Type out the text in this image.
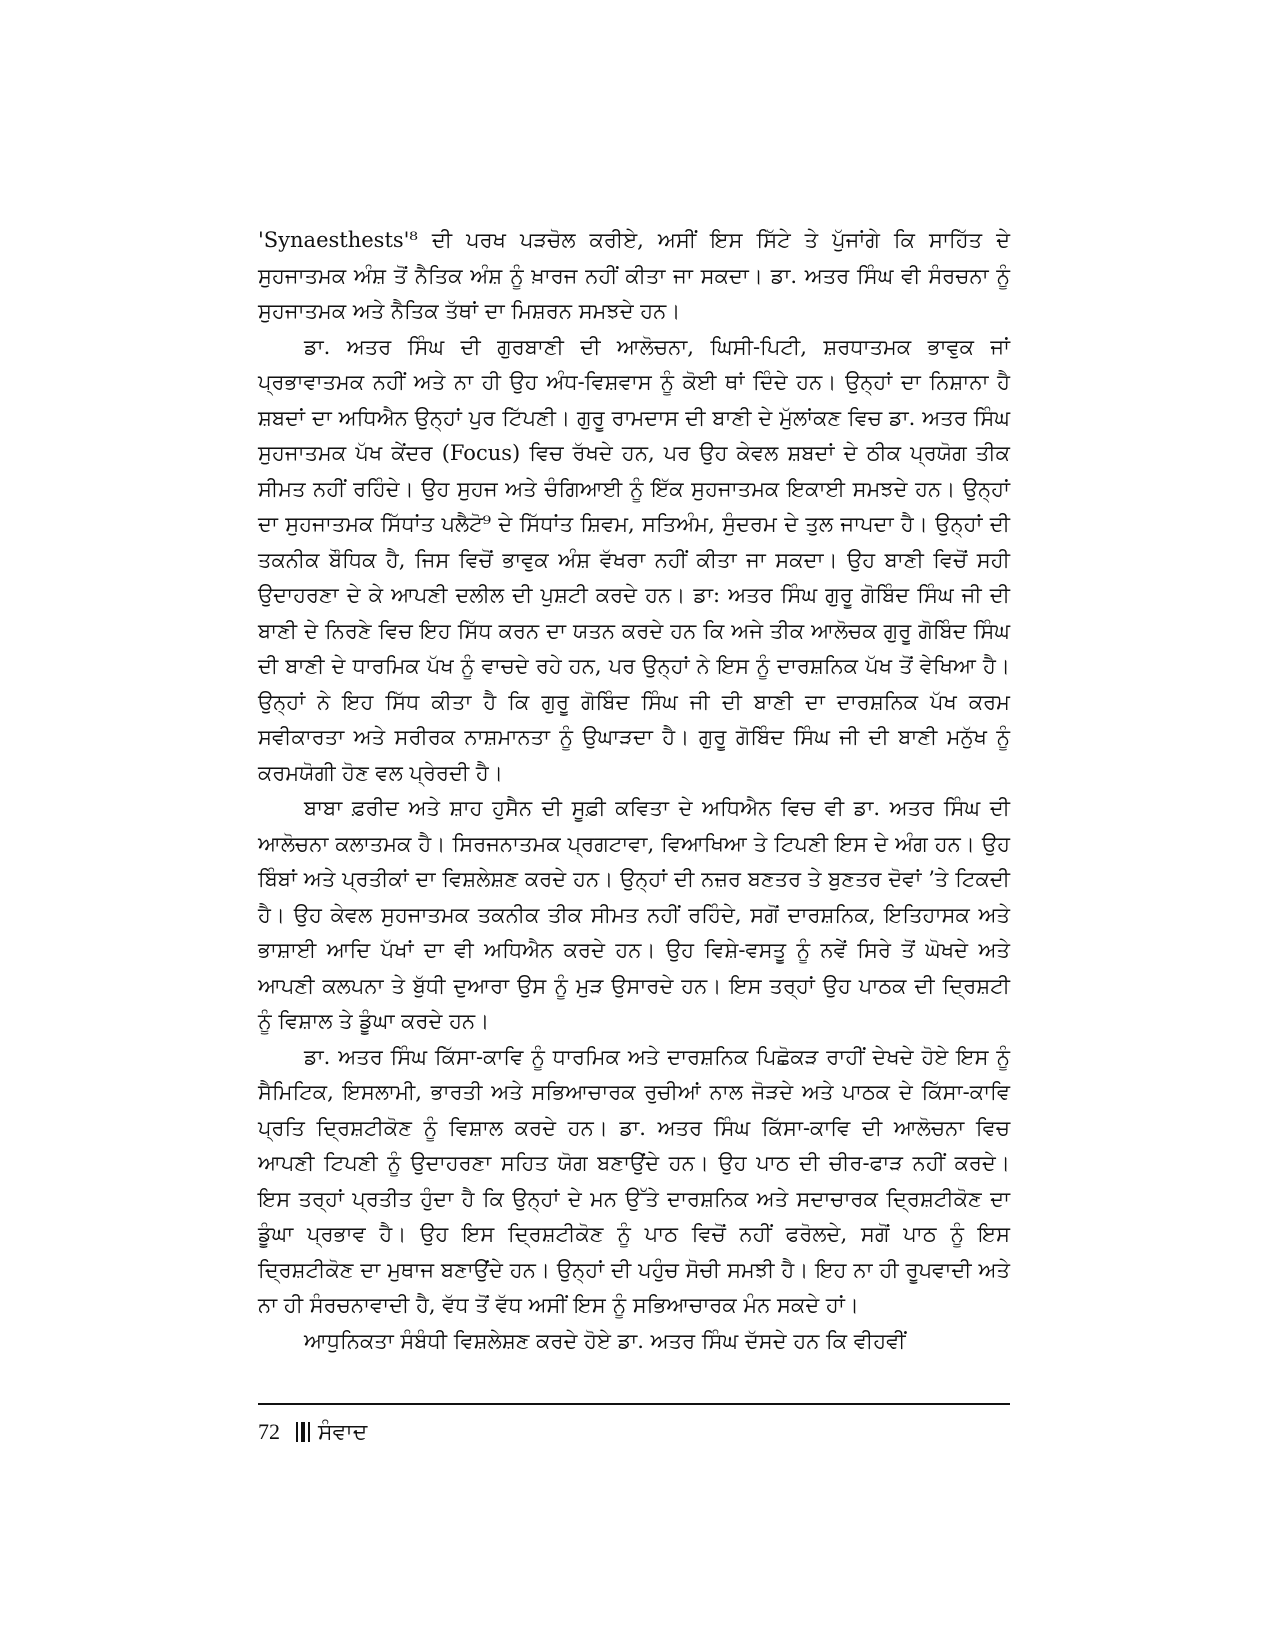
'Synaesthests'⁸ ਦੀ ਪਰਖ ਪੜਚੋਲ ਕਰੀਏ, ਅਸੀਂ ਇਸ ਸਿੱਟੇ ਤੇ ਪੁੱਜਾਂਗੇ ਕਿ ਸਾਹਿੱਤ ਦੇ ਸੁਹਜਾਤਮਕ ਅੰਸ਼ ਤੋਂ ਨੈਤਿਕ ਅੰਸ਼ ਨੂੰ ਖ਼ਾਰਜ ਨਹੀਂ ਕੀਤਾ ਜਾ ਸਕਦਾ। ਡਾ. ਅਤਰ ਸਿੰਘ ਵੀ ਸੰਰਚਨਾ ਨੂੰ ਸੁਹਜਾਤਮਕ ਅਤੇ ਨੈਤਿਕ ਤੱਥਾਂ ਦਾ ਮਿਸ਼ਰਨ ਸਮਝਦੇ ਹਨ।

ਡਾ. ਅਤਰ ਸਿੰਘ ਦੀ ਗੁਰਬਾਣੀ ਦੀ ਆਲੋਚਨਾ, ਘਿਸੀ-ਪਿਟੀ, ਸ਼ਰਧਾਤਮਕ ਭਾਵੁਕ ਜਾਂ ਪ੍ਰਭਾਵਾਤਮਕ ਨਹੀਂ ਅਤੇ ਨਾ ਹੀ ਉਹ ਅੰਧ-ਵਿਸ਼ਵਾਸ ਨੂੰ ਕੋਈ ਥਾਂ ਦਿੰਦੇ ਹਨ। ਉਨ੍ਹਾਂ ਦਾ ਨਿਸ਼ਾਨਾ ਹੈ ਸ਼ਬਦਾਂ ਦਾ ਅਧਿਐਨ ਉਨ੍ਹਾਂ ਪੁਰ ਟਿੱਪਣੀ। ਗੁਰੂ ਰਾਮਦਾਸ ਦੀ ਬਾਣੀ ਦੇ ਮੁੱਲਾਂਕਣ ਵਿਚ ਡਾ. ਅਤਰ ਸਿੰਘ ਸੁਹਜਾਤਮਕ ਪੱਖ ਕੇਂਦਰ (Focus) ਵਿਚ ਰੱਖਦੇ ਹਨ, ਪਰ ਉਹ ਕੇਵਲ ਸ਼ਬਦਾਂ ਦੇ ਠੀਕ ਪ੍ਰਯੋਗ ਤੀਕ ਸੀਮਤ ਨਹੀਂ ਰਹਿੰਦੇ। ਉਹ ਸੁਹਜ ਅਤੇ ਚੰਗਿਆਈ ਨੂੰ ਇੱਕ ਸੁਹਜਾਤਮਕ ਇਕਾਈ ਸਮਝਦੇ ਹਨ। ਉਨ੍ਹਾਂ ਦਾ ਸੁਹਜਾਤਮਕ ਸਿੱਧਾਂਤ ਪਲੈਟੋ⁹ ਦੇ ਸਿੱਧਾਂਤ ਸ਼ਿਵਮ, ਸਤਿਅੰਮ, ਸੁੰਦਰਮ ਦੇ ਤੁਲ ਜਾਪਦਾ ਹੈ। ਉਨ੍ਹਾਂ ਦੀ ਤਕਨੀਕ ਬੌਧਿਕ ਹੈ, ਜਿਸ ਵਿਚੋਂ ਭਾਵੁਕ ਅੰਸ਼ ਵੱਖਰਾ ਨਹੀਂ ਕੀਤਾ ਜਾ ਸਕਦਾ। ਉਹ ਬਾਣੀ ਵਿਚੋਂ ਸਹੀ ਉਦਾਹਰਣਾ ਦੇ ਕੇ ਆਪਣੀ ਦਲੀਲ ਦੀ ਪੁਸ਼ਟੀ ਕਰਦੇ ਹਨ। ਡਾ: ਅਤਰ ਸਿੰਘ ਗੁਰੂ ਗੋਬਿੰਦ ਸਿੰਘ ਜੀ ਦੀ ਬਾਣੀ ਦੇ ਨਿਰਣੇ ਵਿਚ ਇਹ ਸਿੱਧ ਕਰਨ ਦਾ ਯਤਨ ਕਰਦੇ ਹਨ ਕਿ ਅਜੇ ਤੀਕ ਆਲੋਚਕ ਗੁਰੂ ਗੋਬਿੰਦ ਸਿੰਘ ਦੀ ਬਾਣੀ ਦੇ ਧਾਰਮਿਕ ਪੱਖ ਨੂੰ ਵਾਚਦੇ ਰਹੇ ਹਨ, ਪਰ ਉਨ੍ਹਾਂ ਨੇ ਇਸ ਨੂੰ ਦਾਰਸ਼ਨਿਕ ਪੱਖ ਤੋਂ ਵੇਖਿਆ ਹੈ। ਉਨ੍ਹਾਂ ਨੇ ਇਹ ਸਿੱਧ ਕੀਤਾ ਹੈ ਕਿ ਗੁਰੂ ਗੋਬਿੰਦ ਸਿੰਘ ਜੀ ਦੀ ਬਾਣੀ ਦਾ ਦਾਰਸ਼ਨਿਕ ਪੱਖ ਕਰਮ ਸਵੀਕਾਰਤਾ ਅਤੇ ਸਰੀਰਕ ਨਾਸ਼ਮਾਨਤਾ ਨੂੰ ਉਘਾੜਦਾ ਹੈ। ਗੁਰੂ ਗੋਬਿੰਦ ਸਿੰਘ ਜੀ ਦੀ ਬਾਣੀ ਮਨੁੱਖ ਨੂੰ ਕਰਮਯੋਗੀ ਹੋਣ ਵਲ ਪ੍ਰੇਰਦੀ ਹੈ।

ਬਾਬਾ ਫ਼ਰੀਦ ਅਤੇ ਸ਼ਾਹ ਹੁਸੈਨ ਦੀ ਸੂਫ਼ੀ ਕਵਿਤਾ ਦੇ ਅਧਿਐਨ ਵਿਚ ਵੀ ਡਾ. ਅਤਰ ਸਿੰਘ ਦੀ ਆਲੋਚਨਾ ਕਲਾਤਮਕ ਹੈ। ਸਿਰਜਨਾਤਮਕ ਪ੍ਰਗਟਾਵਾ, ਵਿਆਖਿਆ ਤੇ ਟਿਪਣੀ ਇਸ ਦੇ ਅੰਗ ਹਨ। ਉਹ ਬਿੰਬਾਂ ਅਤੇ ਪ੍ਰਤੀਕਾਂ ਦਾ ਵਿਸ਼ਲੇਸ਼ਣ ਕਰਦੇ ਹਨ। ਉਨ੍ਹਾਂ ਦੀ ਨਜ਼ਰ ਬਣਤਰ ਤੇ ਬੁਣਤਰ ਦੋਵਾਂ ’ਤੇ ਟਿਕਦੀ ਹੈ। ਉਹ ਕੇਵਲ ਸੁਹਜਾਤਮਕ ਤਕਨੀਕ ਤੀਕ ਸੀਮਤ ਨਹੀਂ ਰਹਿੰਦੇ, ਸਗੋਂ ਦਾਰਸ਼ਨਿਕ, ਇਤਿਹਾਸਕ ਅਤੇ ਭਾਸ਼ਾਈ ਆਦਿ ਪੱਖਾਂ ਦਾ ਵੀ ਅਧਿਐਨ ਕਰਦੇ ਹਨ। ਉਹ ਵਿਸ਼ੇ-ਵਸਤੂ ਨੂੰ ਨਵੇਂ ਸਿਰੇ ਤੋਂ ਘੋਖਦੇ ਅਤੇ ਆਪਣੀ ਕਲਪਨਾ ਤੇ ਬੁੱਧੀ ਦੁਆਰਾ ਉਸ ਨੂੰ ਮੁੜ ਉਸਾਰਦੇ ਹਨ। ਇਸ ਤਰ੍ਹਾਂ ਉਹ ਪਾਠਕ ਦੀ ਦ੍ਰਿਸ਼ਟੀ ਨੂੰ ਵਿਸ਼ਾਲ ਤੇ ਡੂੰਘਾ ਕਰਦੇ ਹਨ।

ਡਾ. ਅਤਰ ਸਿੰਘ ਕਿੱਸਾ-ਕਾਵਿ ਨੂੰ ਧਾਰਮਿਕ ਅਤੇ ਦਾਰਸ਼ਨਿਕ ਪਿਛੋਕੜ ਰਾਹੀਂ ਦੇਖਦੇ ਹੋਏ ਇਸ ਨੂੰ ਸੈਮਿਟਿਕ, ਇਸਲਾਮੀ, ਭਾਰਤੀ ਅਤੇ ਸਭਿਆਚਾਰਕ ਰੁਚੀਆਂ ਨਾਲ ਜੋੜਦੇ ਅਤੇ ਪਾਠਕ ਦੇ ਕਿੱਸਾ-ਕਾਵਿ ਪ੍ਰਤਿ ਦ੍ਰਿਸ਼ਟੀਕੋਣ ਨੂੰ ਵਿਸ਼ਾਲ ਕਰਦੇ ਹਨ। ਡਾ. ਅਤਰ ਸਿੰਘ ਕਿੱਸਾ-ਕਾਵਿ ਦੀ ਆਲੋਚਨਾ ਵਿਚ ਆਪਣੀ ਟਿਪਣੀ ਨੂੰ ਉਦਾਹਰਣਾ ਸਹਿਤ ਯੋਗ ਬਣਾਉਂਦੇ ਹਨ। ਉਹ ਪਾਠ ਦੀ ਚੀਰ-ਫਾੜ ਨਹੀਂ ਕਰਦੇ। ਇਸ ਤਰ੍ਹਾਂ ਪ੍ਰਤੀਤ ਹੁੰਦਾ ਹੈ ਕਿ ਉਨ੍ਹਾਂ ਦੇ ਮਨ ਉੱਤੇ ਦਾਰਸ਼ਨਿਕ ਅਤੇ ਸਦਾਚਾਰਕ ਦ੍ਰਿਸ਼ਟੀਕੋਣ ਦਾ ਡੂੰਘਾ ਪ੍ਰਭਾਵ ਹੈ। ਉਹ ਇਸ ਦ੍ਰਿਸ਼ਟੀਕੋਣ ਨੂੰ ਪਾਠ ਵਿਚੋਂ ਨਹੀਂ ਫਰੋਲਦੇ, ਸਗੋਂ ਪਾਠ ਨੂੰ ਇਸ ਦ੍ਰਿਸ਼ਟੀਕੋਣ ਦਾ ਮੁਥਾਜ ਬਣਾਉਂਦੇ ਹਨ। ਉਨ੍ਹਾਂ ਦੀ ਪਹੁੰਚ ਸੋਚੀ ਸਮਝੀ ਹੈ। ਇਹ ਨਾ ਹੀ ਰੂਪਵਾਦੀ ਅਤੇ ਨਾ ਹੀ ਸੰਰਚਨਾਵਾਦੀ ਹੈ, ਵੱਧ ਤੋਂ ਵੱਧ ਅਸੀਂ ਇਸ ਨੂੰ ਸਭਿਆਚਾਰਕ ਮੰਨ ਸਕਦੇ ਹਾਂ।

ਆਧੁਨਿਕਤਾ ਸੰਬੰਧੀ ਵਿਸ਼ਲੇਸ਼ਣ ਕਰਦੇ ਹੋਏ ਡਾ. ਅਤਰ ਸਿੰਘ ਦੱਸਦੇ ਹਨ ਕਿ ਵੀਹਵੀਂ

72 ਸੰਵਾਦ
